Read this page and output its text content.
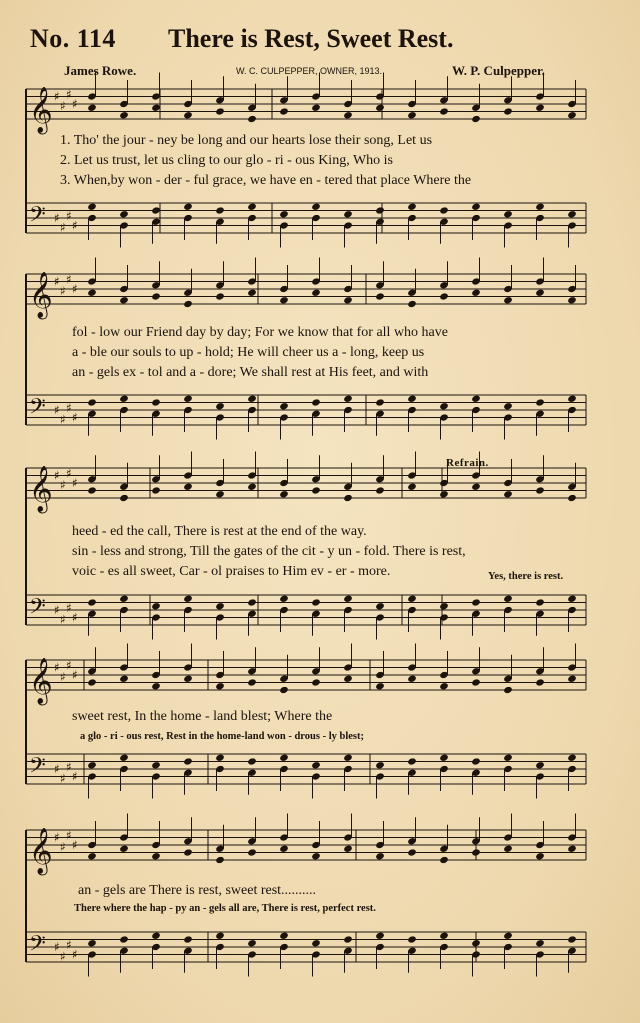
No. 114 There is Rest, Sweet Rest.
James Rowe.	W. C. CULPEPPER, OWNER, 1913.	W. P. Culpepper.
𝄞
𝄢
♯
♯
♯
♯
♯
♯
♯
♯
𝄞
𝄢
♯
♯
♯
♯
♯
♯
♯
♯
𝄞
𝄢
♯
♯
♯
♯
♯
♯
♯
♯
𝄞
𝄢
♯
♯
♯
♯
♯
♯
♯
♯
𝄞
𝄢
♯
♯
♯
♯
♯
♯
♯
♯
1. Tho' the jour - ney be long and our hearts lose their song, Let us
2. Let us trust, let us cling to our glo - ri - ous King, Who is
3. When,by won - der - ful grace, we have en - tered that place Where the
fol - low our Friend day by day; For we know that for all who have
a - ble our souls to up - hold; He will cheer us a - long, keep us
an - gels ex - tol and a - dore; We shall rest at His feet, and with
Refrain.
heed - ed the call, There is rest at the end of the way.
sin - less and strong, Till the gates of the cit - y un - fold. There is rest,
voic - es all sweet, Car - ol praises to Him ev - er - more.	Yes, there is rest.
sweet rest, In the home - land blest; Where the
a glo - ri - ous rest, Rest in the home-land won - drous - ly blest;
an - gels are There is rest, sweet rest..........
There where the hap - py an - gels all are, There is rest, perfect rest.
